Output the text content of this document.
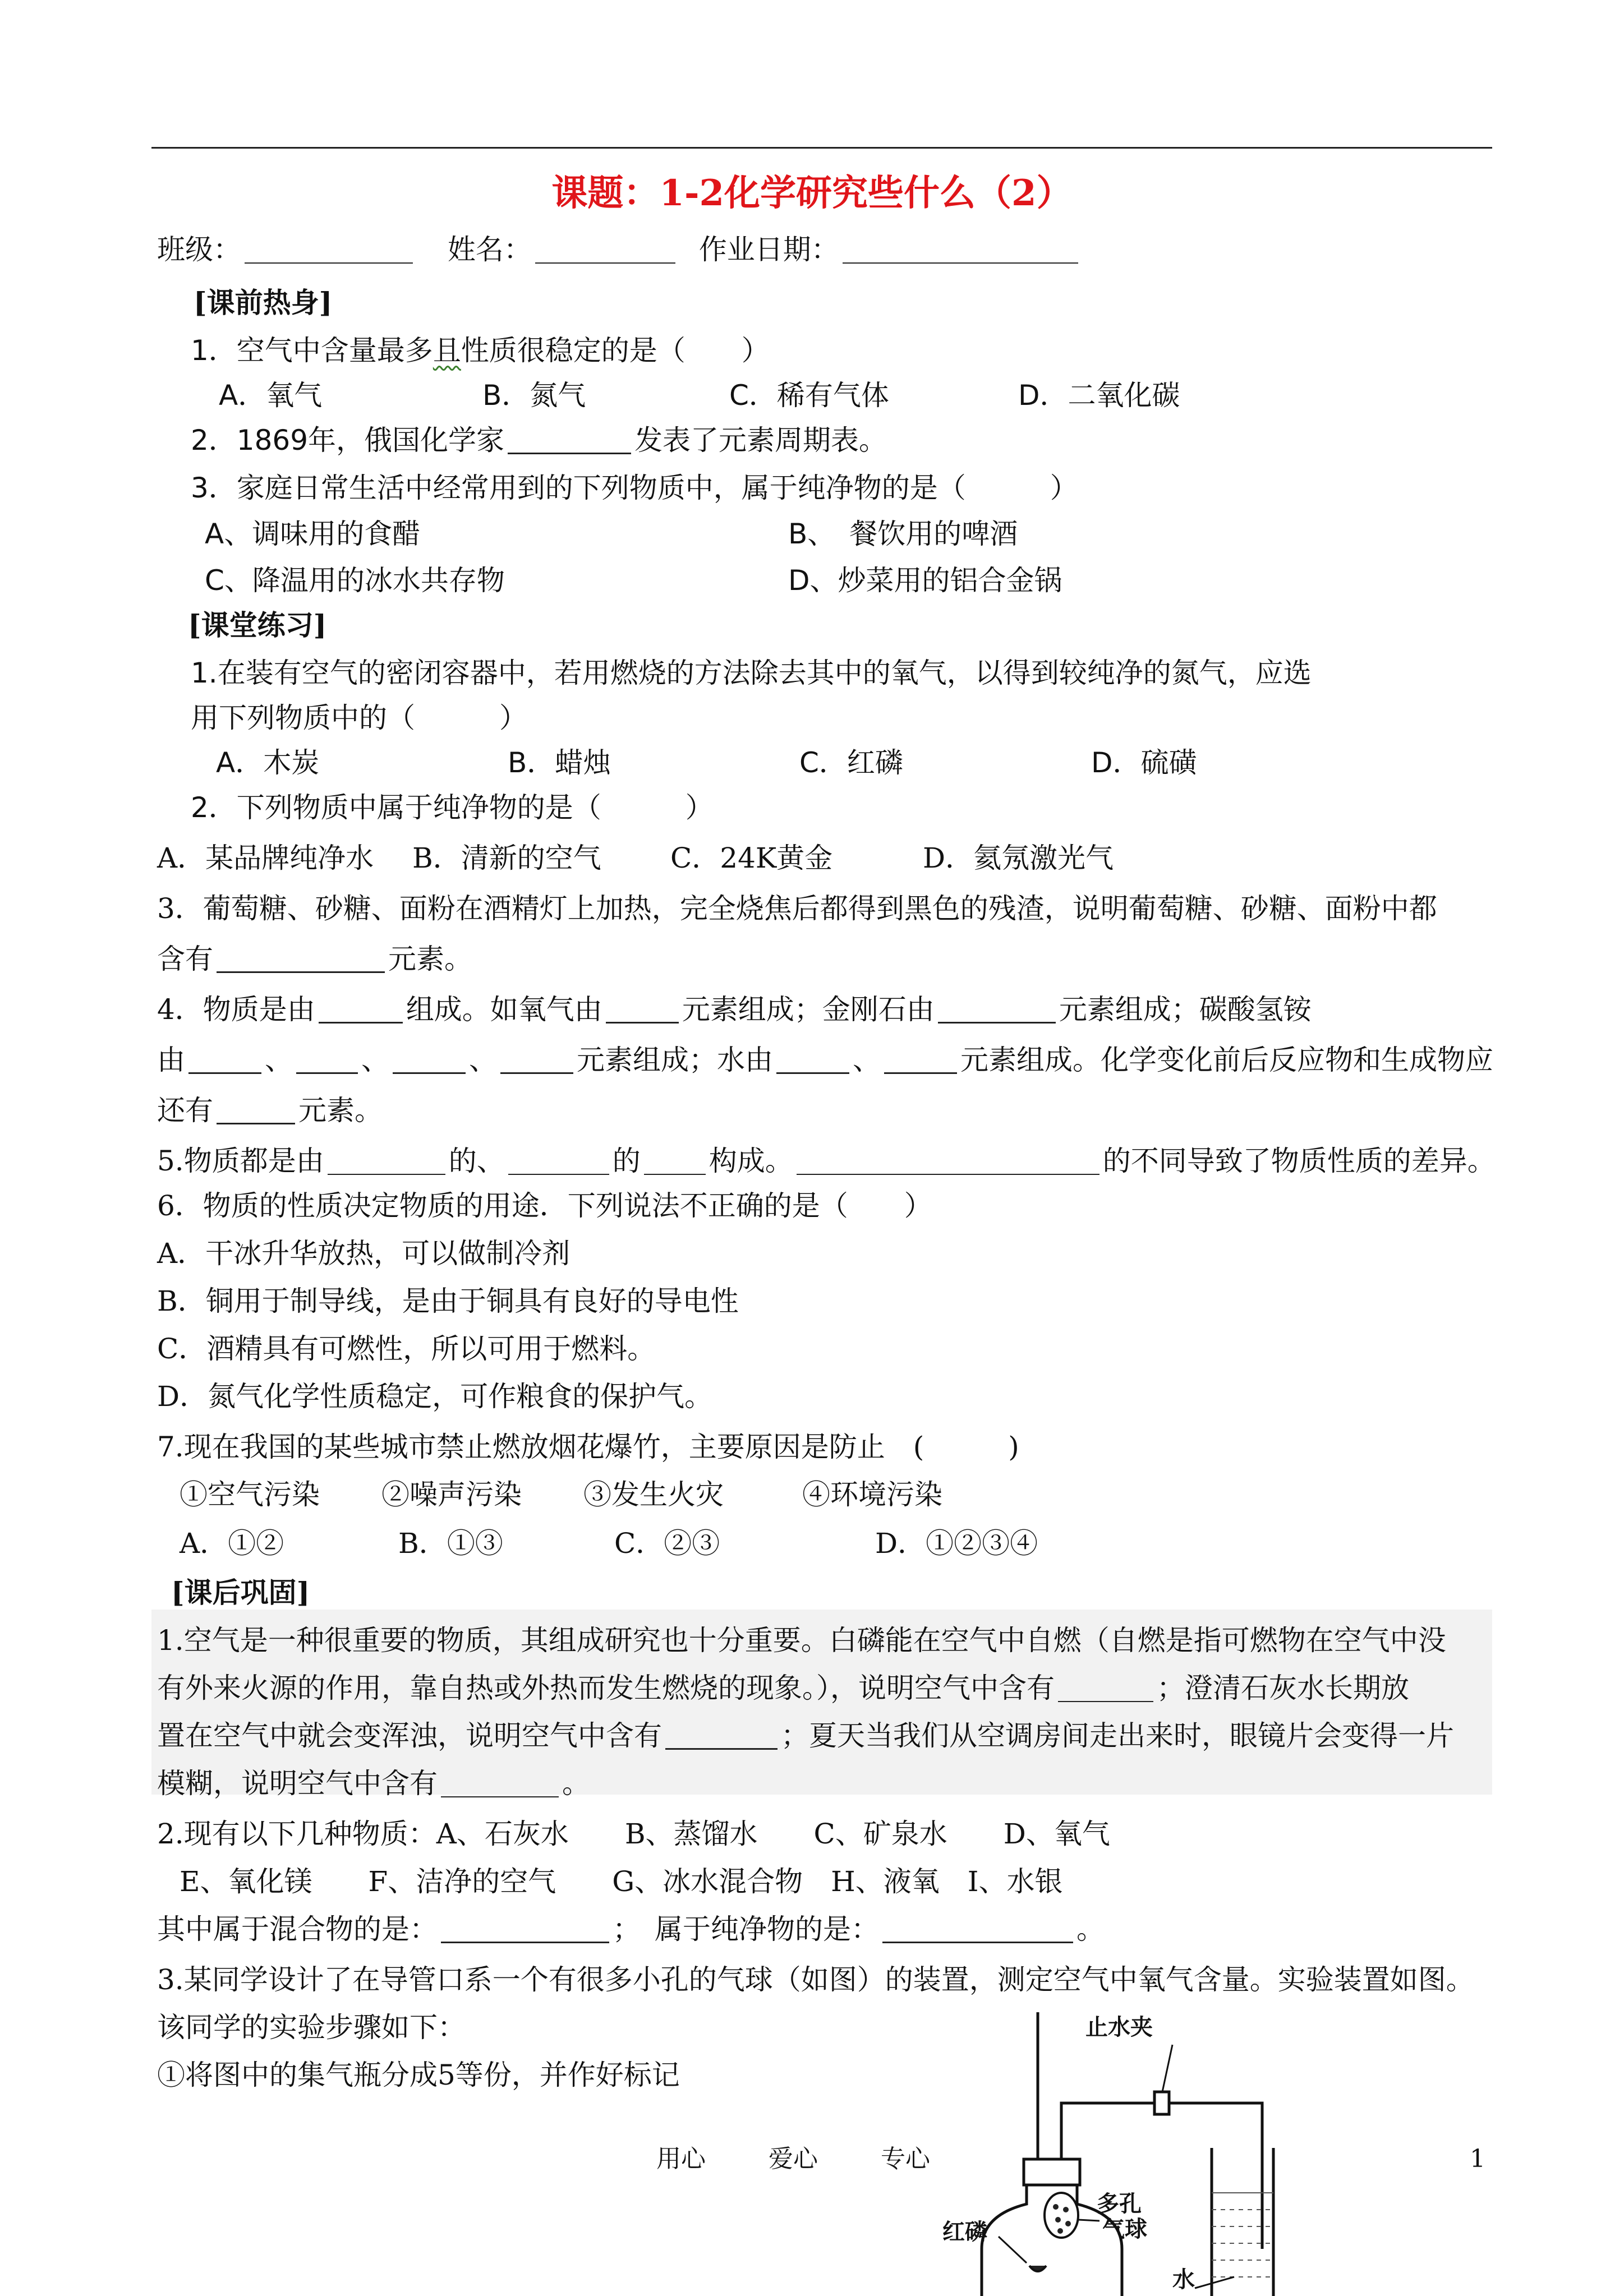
课题：1-2化学研究些什么（2）
班级：	姓名：	作业日期：
[课前热身]
1．空气中含量最多且性质很稳定的是（　　）
A．氧气	B．氮气	C．稀有气体	D．二氧化碳
2．1869年，俄国化学家	发表了元素周期表。
3．家庭日常生活中经常用到的下列物质中，属于纯净物的是（　　　）
A、调味用的食醋	B、　餐饮用的啤酒
C、降温用的冰水共存物	D、炒菜用的铝合金锅
[课堂练习]
1.在装有空气的密闭容器中，若用燃烧的方法除去其中的氧气，以得到较纯净的氮气，应选
用下列物质中的（　　　）
A．木炭	B．蜡烛	C．红磷	D．硫磺
2．下列物质中属于纯净物的是（　　　）
A．某品牌纯净水 B．清新的空气 C．24K黄金	D．氦氖激光气
3．葡萄糖、砂糖、面粉在酒精灯上加热，完全烧焦后都得到黑色的残渣，说明葡萄糖、砂糖、面粉中都
含有	元素。
4．物质是由	组成。如氧气由	元素组成；金刚石由	元素组成；碳酸氢铵
由	、 、	、	元素组成；水由	、	元素组成。化学变化前后反应物和生成物应
还有	元素。
5.物质都是由	的、	的 构成。	的不同导致了物质性质的差异。
6．物质的性质决定物质的用途．下列说法不正确的是（　　）
A．干冰升华放热，可以做制冷剂
B．铜用于制导线，是由于铜具有良好的导电性
C．酒精具有可燃性，所以可用于燃料。
D．氮气化学性质稳定，可作粮食的保护气。
7.现在我国的某些城市禁止燃放烟花爆竹，主要原因是防止　(　　　)
①空气污染 ②噪声污染 ③发生火灾	④环境污染
A．①②	B．①③	C．②③	D．①②③④
[课后巩固]
1.空气是一种很重要的物质，其组成研究也十分重要。白磷能在空气中自燃（自燃是指可燃物在空气中没
有外来火源的作用，靠自热或外热而发生燃烧的现象。），说明空气中含有	；澄清石灰水长期放
置在空气中就会变浑浊，说明空气中含有	；夏天当我们从空调房间走出来时，眼镜片会变得一片
模糊，说明空气中含有	。
2.现有以下几种物质：A、石灰水　　B、蒸馏水　　C、矿泉水　　D、氧气
E、氧化镁　　F、洁净的空气　　G、冰水混合物　H、液氧　I、水银
其中属于混合物的是：	；　属于纯净物的是：	。
3.某同学设计了在导管口系一个有很多小孔的气球（如图）的装置，测定空气中氧气含量。实验装置如图。
该同学的实验步骤如下：
①将图中的集气瓶分成5等份，并作好标记
止水夹
多孔
气球
红磷
水
用心	爱心	专心	1
